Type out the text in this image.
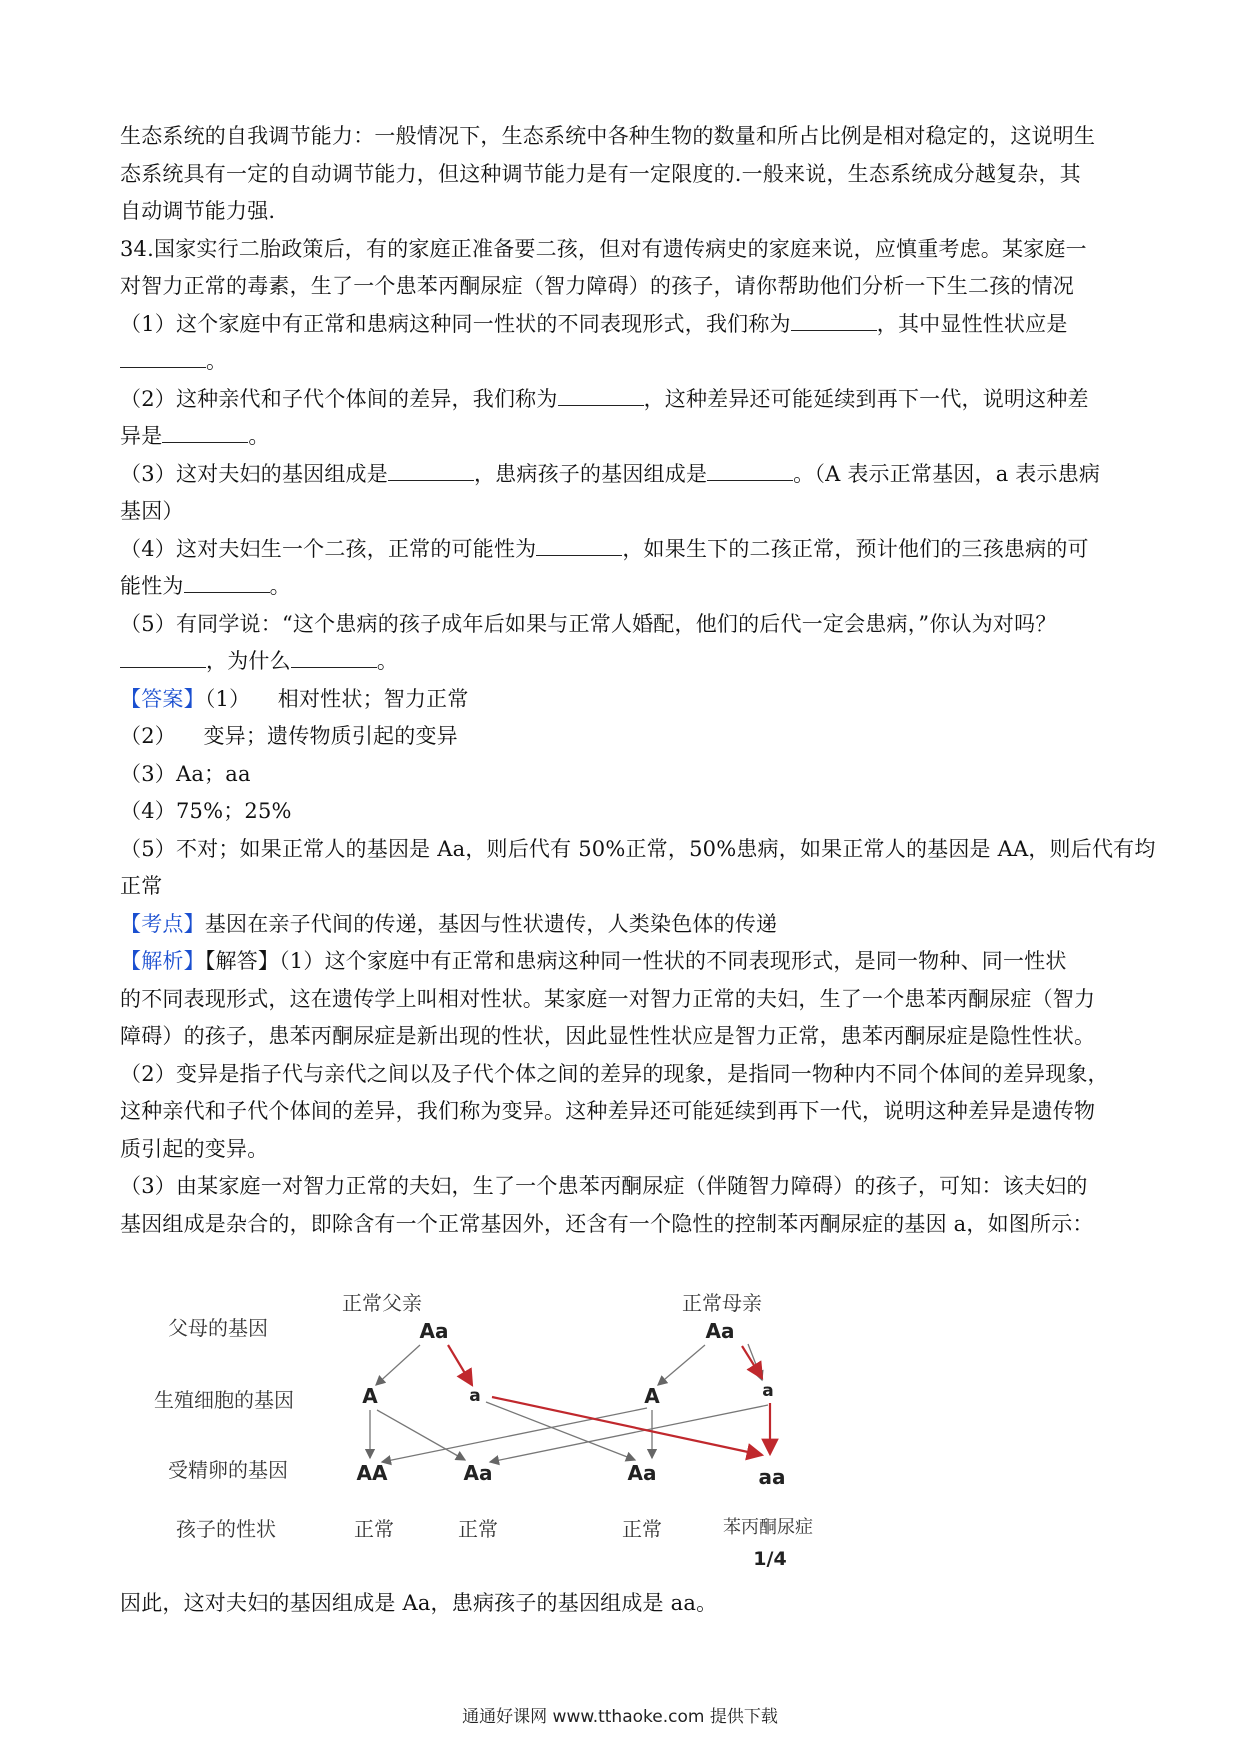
生态系统的自我调节能力：一般情况下，生态系统中各种生物的数量和所占比例是相对稳定的，这说明生
态系统具有一定的自动调节能力，但这种调节能力是有一定限度的.一般来说，生态系统成分越复杂，其
自动调节能力强.
34.国家实行二胎政策后，有的家庭正准备要二孩，但对有遗传病史的家庭来说，应慎重考虑。某家庭一
对智力正常的毒素，生了一个患苯丙酮尿症（智力障碍）的孩子，请你帮助他们分析一下生二孩的情况
（1）这个家庭中有正常和患病这种同一性状的不同表现形式，我们称为	，其中显性性状应是
。
（2）这种亲代和子代个体间的差异，我们称为	，这种差异还可能延续到再下一代，说明这种差
异是	。
（3）这对夫妇的基因组成是	，患病孩子的基因组成是	。（A 表示正常基因，a 表示患病
基因）
（4）这对夫妇生一个二孩，正常的可能性为	，如果生下的二孩正常，预计他们的三孩患病的可
能性为	。
（5）有同学说：“这个患病的孩子成年后如果与正常人婚配，他们的后代一定会患病，”你认为对吗？
，为什么	。
【答案】（1）    相对性状；智力正常
（2）    变异；遗传物质引起的变异
（3）Aa；aa
（4）75%；25%
（5）不对；如果正常人的基因是 Aa，则后代有 50%正常，50%患病，如果正常人的基因是 AA，则后代有均
正常
【考点】基因在亲子代间的传递，基因与性状遗传，人类染色体的传递
【解析】【解答】（1）这个家庭中有正常和患病这种同一性状的不同表现形式，是同一物种、同一性状
的不同表现形式，这在遗传学上叫相对性状。某家庭一对智力正常的夫妇，生了一个患苯丙酮尿症（智力
障碍）的孩子，患苯丙酮尿症是新出现的性状，因此显性性状应是智力正常，患苯丙酮尿症是隐性性状。
（2）变异是指子代与亲代之间以及子代个体之间的差异的现象，是指同一物种内不同个体间的差异现象，
这种亲代和子代个体间的差异，我们称为变异。这种差异还可能延续到再下一代，说明这种差异是遗传物
质引起的变异。
（3）由某家庭一对智力正常的夫妇，生了一个患苯丙酮尿症（伴随智力障碍）的孩子，可知：该夫妇的
基因组成是杂合的，即除含有一个正常基因外，还含有一个隐性的控制苯丙酮尿症的基因 a，如图所示：
父母的基因
生殖细胞的基因
受精卵的基因
孩子的性状
正常父亲	正常母亲
Aa	Aa
A	a	A	a
AA	Aa	Aa	aa
1/4
正常	正常	正常	苯丙酮尿症
因此，这对夫妇的基因组成是 Aa，患病孩子的基因组成是 aa。
通通好课网 www.tthaoke.com 提供下载
